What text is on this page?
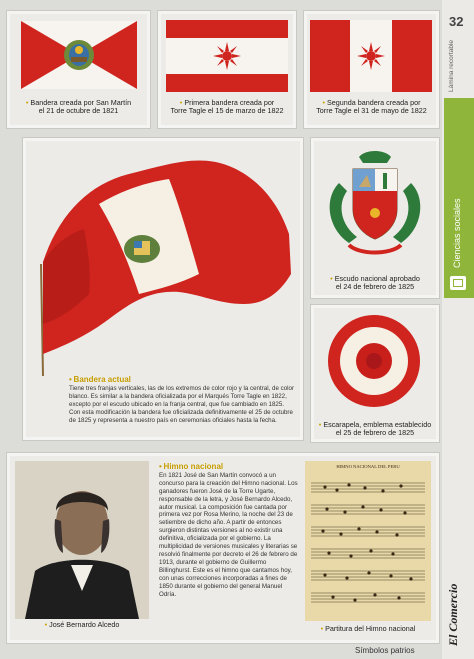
• Bandera creada por San Martín
el 21 de octubre de 1821
• Primera bandera creada por
Torre Tagle el 15 de marzo de 1822
• Segunda bandera creada por
Torre Tagle el 31 de mayo de 1822
• Bandera actual
Tiene tres franjas verticales, las de los extremos de color rojo y la central, de color blanco. Es similar a la bandera oficializada por el Marqués Torre Tagle en 1822, excepto por el escudo ubicado en la franja central, que fue cambiado en 1825. Con esta modificación la bandera fue oficializada definitivamente el 25 de octubre de 1825 y representa a nuestro país en ceremonias oficiales hasta la fecha.
• Escudo nacional aprobado
el 24 de febrero de 1825
• Escarapela, emblema establecido
el 25 de febrero de 1825
• José Bernardo Alcedo
• Himno nacional
En 1821 José de San Martín convocó a un concurso para la creación del Himno nacional. Los ganadores fueron José de la Torre Ugarte, responsable de la letra, y José Bernardo Alcedo, autor musical. La composición fue cantada por primera vez por Rosa Merino, la noche del 23 de setiembre de dicho año. A partir de entonces surgieron distintas versiones al no existir una definitiva, oficializada por el gobierno. La multiplicidad de versiones musicales y literarias se resolvió finalmente por decreto el 26 de febrero de 1913, durante el gobierno de Guillermo Billinghurst. Este es el himno que cantamos hoy, con unas correcciones incorporadas a fines de 1850 durante el gobierno del general Manuel Odría.
HIMNO NACIONAL DEL PERU
• Partitura del Himno nacional
Símbolos patrios
32
Lámina recortable
Ciencias sociales
El Comercio
